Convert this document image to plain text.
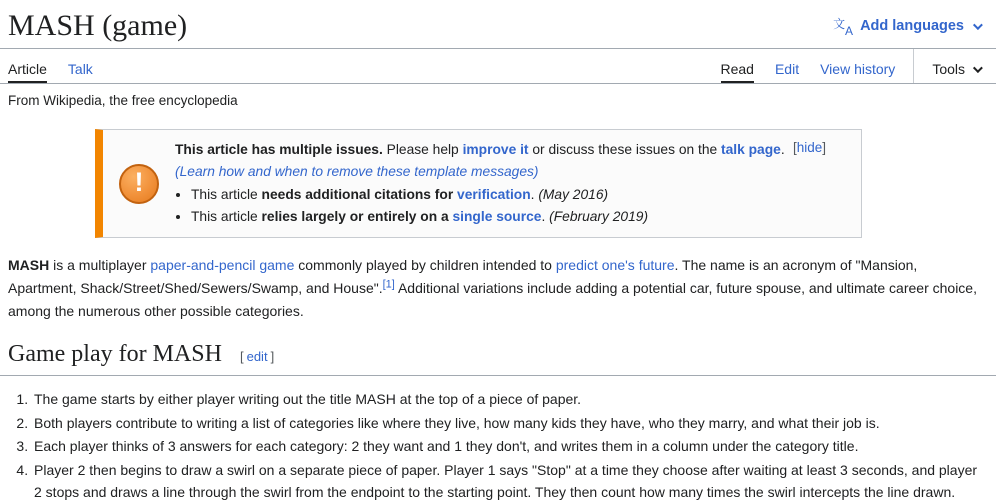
MASH (game)	文 A Add languages
Article Talk	Read Edit View history	Tools
From Wikipedia, the free encyclopedia
!
This article has multiple issues. Please help improve it or discuss these issues on the talk page. (Learn how and when to remove these template messages)
• This article needs additional citations for verification. (May 2016)
• This article relies largely or entirely on a single source. (February 2019)
[hide]

MASH is a multiplayer paper-and-pencil game commonly played by children intended to predict one's future. The name is an acronym of "Mansion, Apartment, Shack/Street/Shed/Sewers/Swamp, and House".[1] Additional variations include adding a potential car, future spouse, and ultimate career choice, among the numerous other possible categories.

Game play for MASH [ edit ]
1. The game starts by either player writing out the title MASH at the top of a piece of paper.
2. Both players contribute to writing a list of categories like where they live, how many kids they have, who they marry, and what their job is.
3. Each player thinks of 3 answers for each category: 2 they want and 1 they don't, and writes them in a column under the category title.
4. Player 2 then begins to draw a swirl on a separate piece of paper. Player 1 says "Stop" at a time they choose after waiting at least 3 seconds, and player 2 stops and draws a line through the swirl from the endpoint to the starting point. They then count how many times the swirl intercepts the line drawn.
